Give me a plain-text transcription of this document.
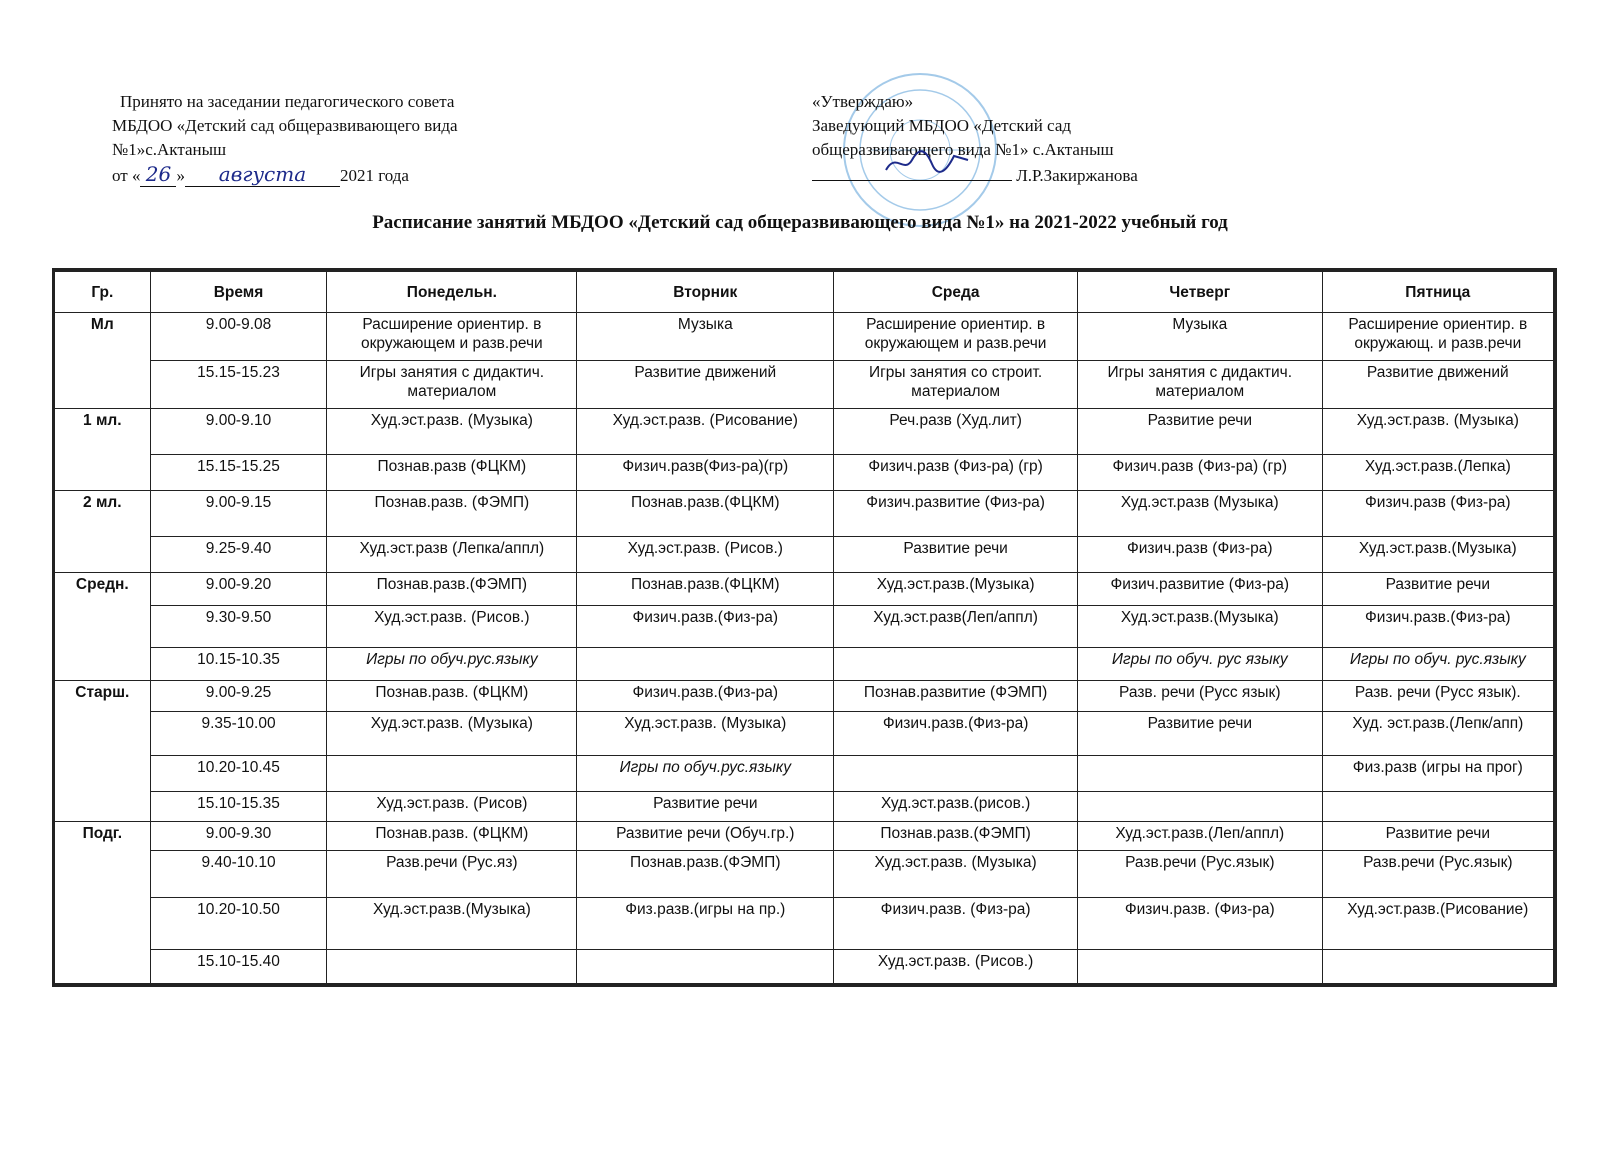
Принято на заседании педагогического совета
МБДОО «Детский сад общеразвивающего вида
№1»с.Актаныш
от « 26 » августа 2021 года
«Утверждаю»
Заведующий МБДОО «Детский сад
общеразвивающего вида №1» с.Актаныш
Л.Р.Закиржанова
Расписание занятий МБДОО «Детский сад общеразвивающего вида №1» на 2021-2022 учебный год
Гр.	Время	Понедельн.	Вторник	Среда	Четверг	Пятница
Мл	9.00-9.08	Расширение ориентир. в окружающем и разв.речи	Музыка	Расширение ориентир. в окружающем и разв.речи	Музыка	Расширение ориентир. в окружающ. и разв.речи
	15.15-15.23	Игры занятия с дидактич. материалом	Развитие движений	Игры занятия со строит. материалом	Игры занятия с дидактич. материалом	Развитие движений
1 мл.	9.00-9.10	Худ.эст.разв. (Музыка)	Худ.эст.разв. (Рисование)	Реч.разв (Худ.лит)	Развитие речи	Худ.эст.разв. (Музыка)
	15.15-15.25	Познав.разв (ФЦКМ)	Физич.разв(Физ-ра)(гр)	Физич.разв (Физ-ра) (гр)	Физич.разв (Физ-ра) (гр)	Худ.эст.разв.(Лепка)
2 мл.	9.00-9.15	Познав.разв. (ФЭМП)	Познав.разв.(ФЦКМ)	Физич.развитие (Физ-ра)	Худ.эст.разв (Музыка)	Физич.разв (Физ-ра)
	9.25-9.40	Худ.эст.разв (Лепка/аппл)	Худ.эст.разв. (Рисов.)	Развитие речи	Физич.разв (Физ-ра)	Худ.эст.разв.(Музыка)
Средн.	9.00-9.20	Познав.разв.(ФЭМП)	Познав.разв.(ФЦКМ)	Худ.эст.разв.(Музыка)	Физич.развитие (Физ-ра)	Развитие речи
	9.30-9.50	Худ.эст.разв. (Рисов.)	Физич.разв.(Физ-ра)	Худ.эст.разв(Леп/аппл)	Худ.эст.разв.(Музыка)	Физич.разв.(Физ-ра)
	10.15-10.35	Игры по обуч.рус.языку			Игры по обуч. рус языку	Игры по обуч. рус.языку
Старш.	9.00-9.25	Познав.разв. (ФЦКМ)	Физич.разв.(Физ-ра)	Познав.развитие (ФЭМП)	Разв. речи (Русс язык)	Разв. речи (Русс язык).
	9.35-10.00	Худ.эст.разв. (Музыка)	Худ.эст.разв. (Музыка)	Физич.разв.(Физ-ра)	Развитие речи	Худ. эст.разв.(Лепк/апп)
	10.20-10.45		Игры по обуч.рус.языку			Физ.разв (игры на прог)
	15.10-15.35	Худ.эст.разв. (Рисов)	Развитие речи	Худ.эст.разв.(рисов.)		
Подг.	9.00-9.30	Познав.разв. (ФЦКМ)	Развитие речи (Обуч.гр.)	Познав.разв.(ФЭМП)	Худ.эст.разв.(Леп/аппл)	Развитие речи
	9.40-10.10	Разв.речи (Рус.яз)	Познав.разв.(ФЭМП)	Худ.эст.разв. (Музыка)	Разв.речи (Рус.язык)	Разв.речи (Рус.язык)
	10.20-10.50	Худ.эст.разв.(Музыка)	Физ.разв.(игры на пр.)	Физич.разв. (Физ-ра)	Физич.разв. (Физ-ра)	Худ.эст.разв.(Рисование)
	15.10-15.40			Худ.эст.разв. (Рисов.)		
